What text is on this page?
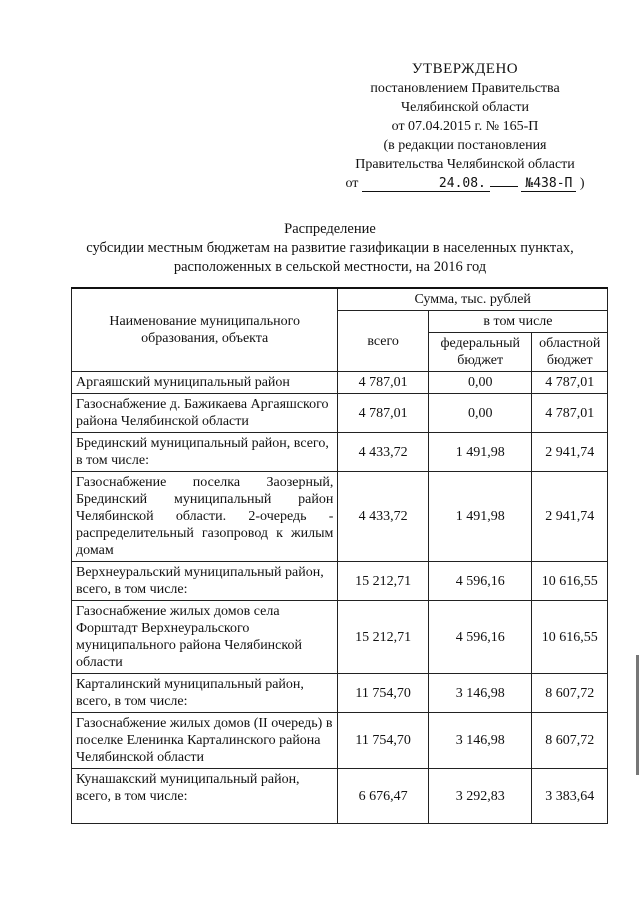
УТВЕРЖДЕНО
постановлением Правительства
Челябинской области
от 07.04.2015 г. № 165-П
(в редакции постановления
Правительства Челябинской области
от	24.08.	№438-П )
Распределение
субсидии местным бюджетам на развитие газификации в населенных пунктах,
расположенных в сельской местности, на 2016 год
Наименование муниципального образования, объекта	Сумма, тыс. рублей		
	всего	в том числе	
		федеральный бюджет	областной бюджет
Аргаяшский муниципальный район	4 787,01	0,00	4 787,01
Газоснабжение д. Бажикаева Аргаяшского района Челябинской области	4 787,01	0,00	4 787,01
Брединский муниципальный район, всего, в том числе:	4 433,72	1 491,98	2 941,74
Газоснабжение поселка Заозерный, Брединский муниципальный район Челябинской области. 2-очередь - распределительный газопровод к жилым домам	4 433,72	1 491,98	2 941,74
Верхнеуральский муниципальный район, всего, в том числе:	15 212,71	4 596,16	10 616,55
Газоснабжение жилых домов села Форштадт Верхнеуральского муниципального района Челябинской области	15 212,71	4 596,16	10 616,55
Карталинский муниципальный район, всего, в том числе:	11 754,70	3 146,98	8 607,72
Газоснабжение жилых домов (II очередь) в поселке Еленинка Карталинского района Челябинской области	11 754,70	3 146,98	8 607,72
Кунашакский муниципальный район, всего, в том числе:	6 676,47	3 292,83	3 383,64
